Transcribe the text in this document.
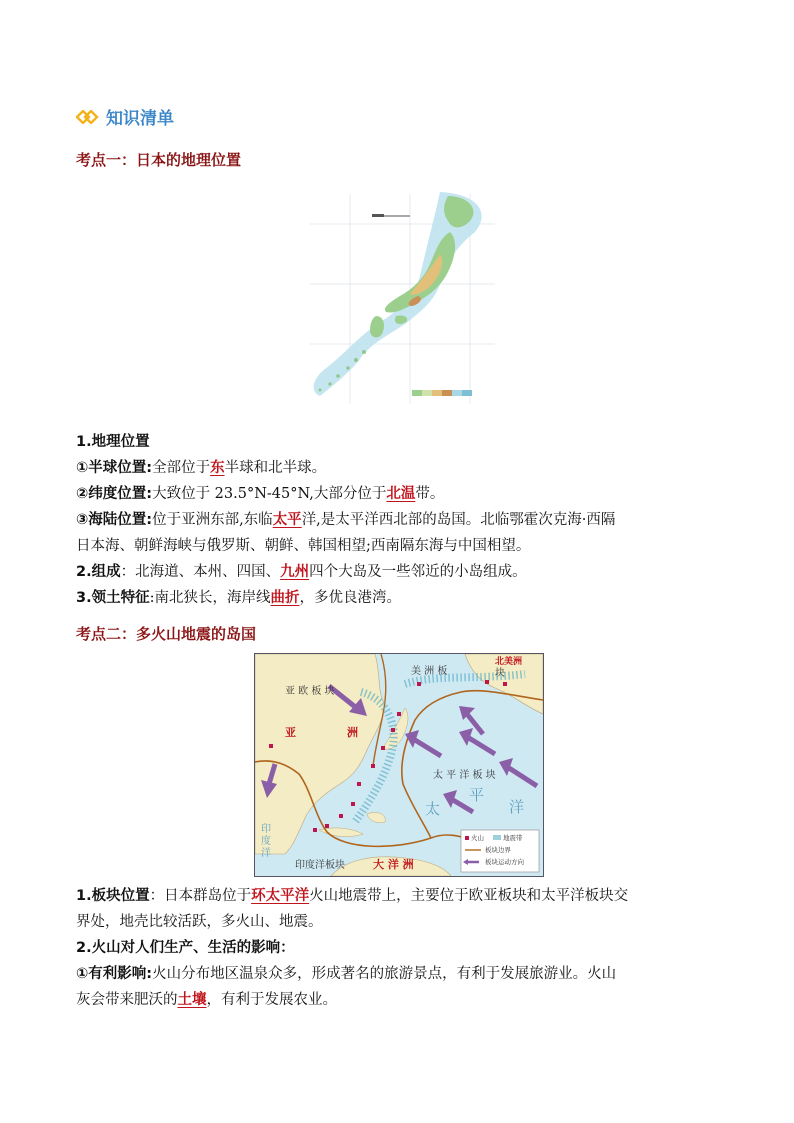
知识清单
考点一：日本的地理位置
1.地理位置
①半球位置:全部位于东半球和北半球。
②纬度位置:大致位于 23.5°N-45°N,大部分位于北温带。
③海陆位置:位于亚洲东部,东临太平洋,是太平洋西北部的岛国。北临鄂霍次克海·西隔
日本海、朝鲜海峡与俄罗斯、朝鲜、韩国相望;西南隔东海与中国相望。
2.组成：北海道、本州、四国、九州四个大岛及一些邻近的小岛组成。
3.领土特征:南北狭长，海岸线曲折，多优良港湾。
考点二：多火山地震的岛国
亚 欧 板 块
美 洲 板	块
北美洲
亚	洲
太 平 洋 板 块
太
平
洋
印度洋
印度洋板块	大 洋 洲
火山	地震带
板块边界
板块运动方向
1.板块位置：日本群岛位于环太平洋火山地震带上，主要位于欧亚板块和太平洋板块交
界处，地壳比较活跃，多火山、地震。
2.火山对人们生产、生活的影响：
①有利影响:火山分布地区温泉众多，形成著名的旅游景点，有利于发展旅游业。火山
灰会带来肥沃的土壤，有利于发展农业。
